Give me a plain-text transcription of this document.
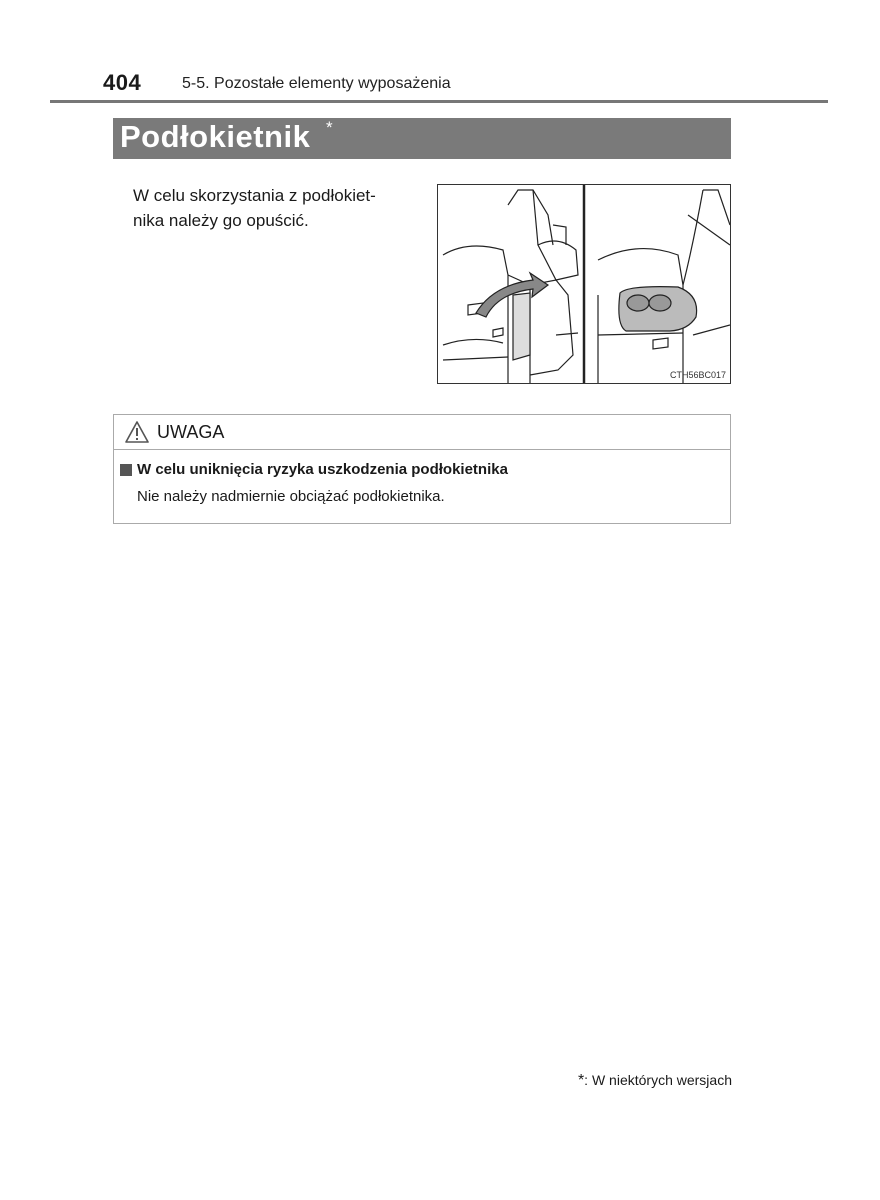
404	5-5. Pozostałe elementy wyposażenia
Podłokietnik *
W celu skorzystania z podłokiet-
nika należy go opuścić.
CTH56BC017
UWAGA
W celu uniknięcia ryzyka uszkodzenia podłokietnika
Nie należy nadmiernie obciążać podłokietnika.
*: W niektórych wersjach
